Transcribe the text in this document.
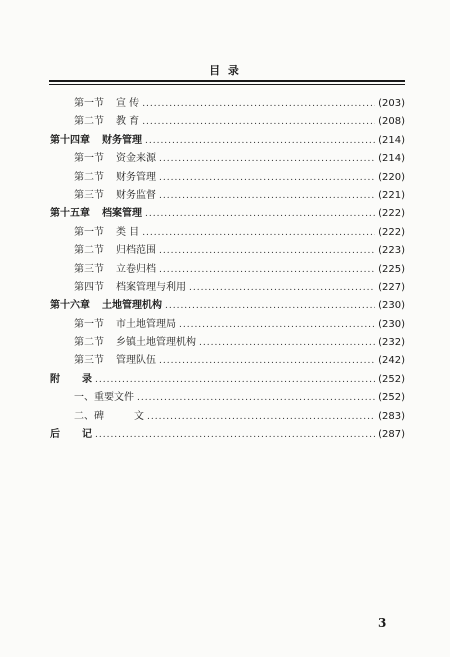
目 录
第一节 宣 传 .....	(203)
第二节 教 育 .....	(208)
第十四章 财务管理 .....	(214)
第一节 资金来源 .....	(214)
第二节 财务管理 .....	(220)
第三节 财务监督 .....	(221)
第十五章 档案管理 .....	(222)
第一节 类 目 .....	(222)
第二节 归档范围 .....	(223)
第三节 立卷归档 .....	(225)
第四节 档案管理与利用 .....	(227)
第十六章 土地管理机构 .....	(230)
第一节 市土地管理局 .....	(230)
第二节 乡镇土地管理机构 .....	(232)
第三节 管理队伍 .....	(242)
附 录 .....	(252)
一、重要文件 .....	(252)
二、碑	文 .....	(283)
后 记 .....	(287)
3
